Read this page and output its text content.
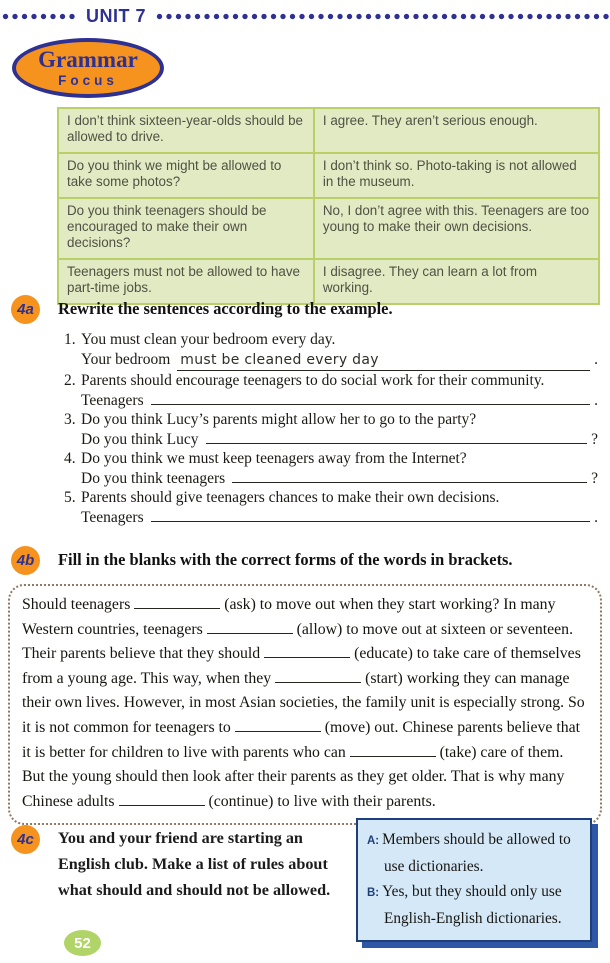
UNIT 7
Grammar
Focus
I don’t think sixteen-year-olds should be allowed to drive.	I agree. They aren’t serious enough.
Do you think we might be allowed to take some photos?	I don’t think so. Photo-taking is not allowed in the museum.
Do you think teenagers should be encouraged to make their own decisions?	No, I don’t agree with this. Teenagers are too young to make their own decisions.
Teenagers must not be allowed to have part-time jobs.	I disagree. They can learn a lot from working.
4a	Rewrite the sentences according to the example.
1. You must clean your bedroom every day.
Your bedroom must be cleaned every day	.
2. Parents should encourage teenagers to do social work for their community.
Teenagers	.
3. Do you think Lucy’s parents might allow her to go to the party?
Do you think Lucy	?
4. Do you think we must keep teenagers away from the Internet?
Do you think teenagers	?
5. Parents should give teenagers chances to make their own decisions.
Teenagers	.
4b	Fill in the blanks with the correct forms of the words in brackets.

Should teenagers	(ask) to move out when they start working? In many Western countries, teenagers	(allow) to move out at sixteen or seventeen. Their parents believe that they should	(educate) to take care of themselves from a young age. This way, when they	(start) working they can manage their own lives. However, in most Asian societies, the family unit is especially strong. So it is not common for teenagers to	(move) out. Chinese parents believe that it is better for children to live with parents who can	(take) care of them. But the young should then look after their parents as they get older. That is why many Chinese adults	(continue) to live with their parents.

4c	You and your friend are starting an English club. Make a list of rules about what should and should not be allowed.
A: Members should be allowed to use dictionaries.
B: Yes, but they should only use English-English dictionaries.
52
